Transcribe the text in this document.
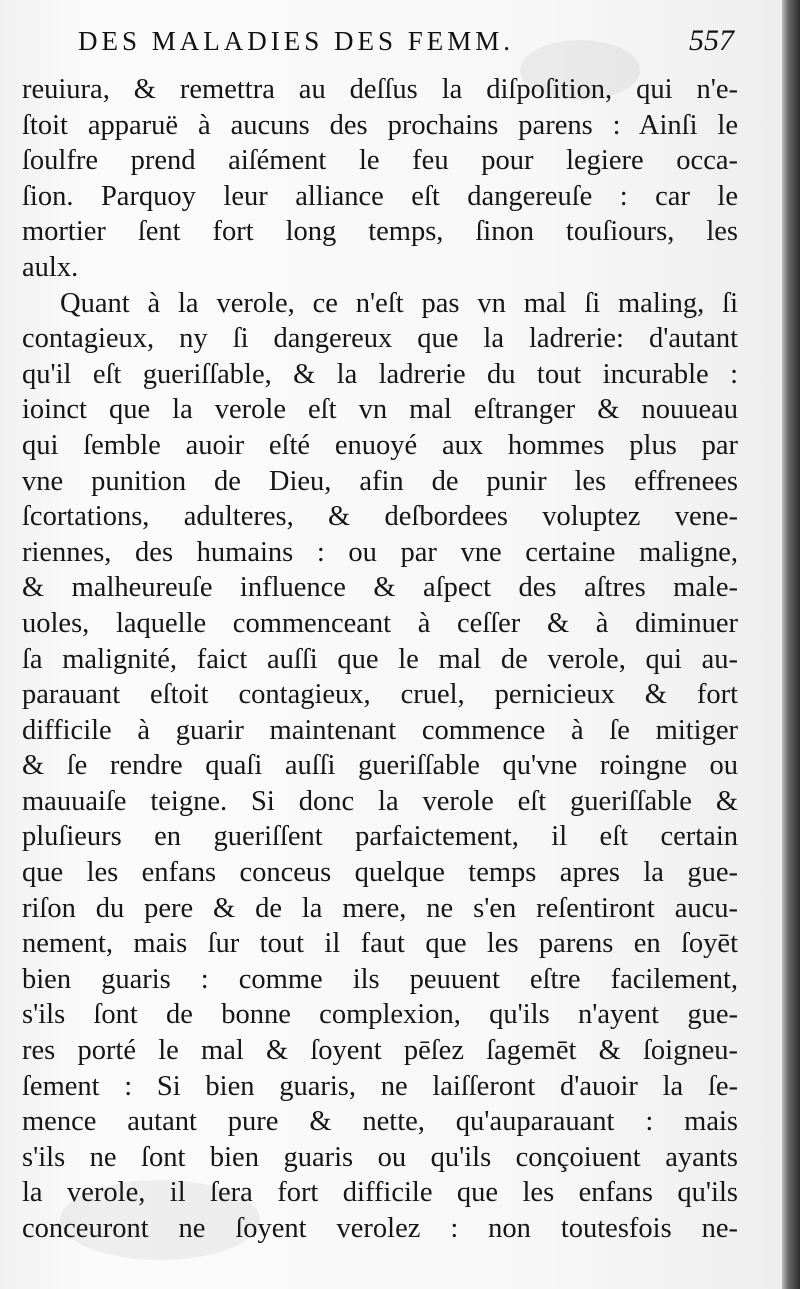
DES MALADIES DES FEMM.	557
reuiura, & remettra au deſſus la diſpoſition, qui n'e-
ſtoit apparuë à aucuns des prochains parens : Ainſi le
ſoulfre prend aiſément le feu pour legiere occa-
ſion. Parquoy leur alliance eſt dangereuſe : car le
mortier ſent fort long temps, ſinon touſiours, les
aulx.
Quant à la verole, ce n'eſt pas vn mal ſi maling, ſi
contagieux, ny ſi dangereux que la ladrerie: d'autant
qu'il eſt gueriſſable, & la ladrerie du tout incurable :
ioinct que la verole eſt vn mal eſtranger & nouueau
qui ſemble auoir eſté enuoyé aux hommes plus par
vne punition de Dieu, afin de punir les effrenees
ſcortations, adulteres, & deſbordees voluptez vene-
riennes, des humains : ou par vne certaine maligne,
& malheureuſe influence & aſpect des aſtres male-
uoles, laquelle commenceant à ceſſer & à diminuer
ſa malignité, faict auſſi que le mal de verole, qui au-
parauant eſtoit contagieux, cruel, pernicieux & fort
difficile à guarir maintenant commence à ſe mitiger
& ſe rendre quaſi auſſi gueriſſable qu'vne roingne ou
mauuaiſe teigne. Si donc la verole eſt gueriſſable &
pluſieurs en gueriſſent parfaictement, il eſt certain
que les enfans conceus quelque temps apres la gue-
riſon du pere & de la mere, ne s'en reſentiront aucu-
nement, mais ſur tout il faut que les parens en ſoyēt
bien guaris : comme ils peuuent eſtre facilement,
s'ils ſont de bonne complexion, qu'ils n'ayent gue-
res porté le mal & ſoyent pēſez ſagemēt & ſoigneu-
ſement : Si bien guaris, ne laiſſeront d'auoir la ſe-
mence autant pure & nette, qu'auparauant : mais
s'ils ne ſont bien guaris ou qu'ils conçoiuent ayants
la verole, il ſera fort difficile que les enfans qu'ils
conceuront ne ſoyent verolez : non toutesfois ne-
